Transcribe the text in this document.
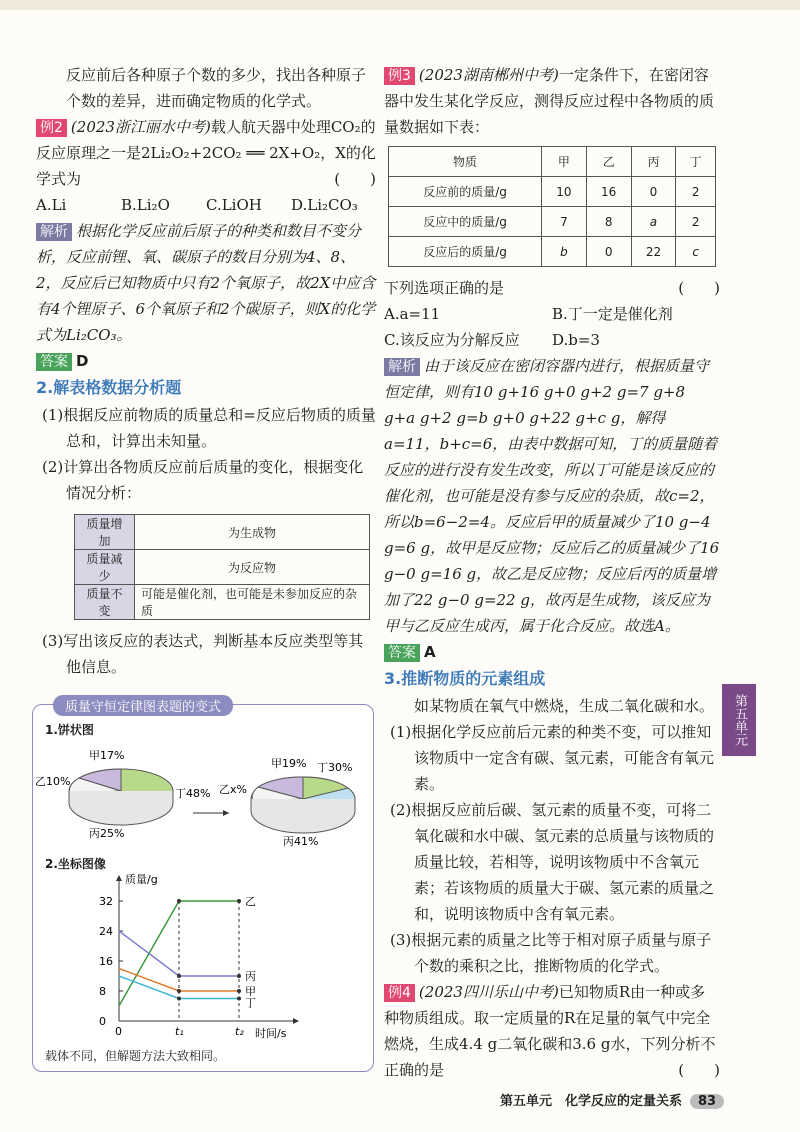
反应前后各种原子个数的多少，找出各种原子

个数的差异，进而确定物质的化学式。

例2 (2023浙江丽水中考)载人航天器中处理CO₂的反应原理之一是2Li₂O₂+2CO₂ ══ 2X+O₂，X的化学式为	(　　)

A.Li	B.Li₂O	C.LiOH	D.Li₂CO₃

解析 根据化学反应前后原子的种类和数目不变分析，反应前锂、氧、碳原子的数目分别为4、8、2，反应后已知物质中只有2个氧原子，故2X中应含有4个锂原子、6个氧原子和2个碳原子，则X的化学式为Li₂CO₃。

答案 D

2.解表格数据分析题

(1)根据反应前物质的质量总和=反应后物质的质量总和，计算出未知量。

(2)计算出各物质反应前后质量的变化，根据变化情况分析：

质量增加	为生成物
质量减少	为反应物
质量不变	可能是催化剂，也可能是未参加反应的杂质

(3)写出该反应的表达式，判断基本反应类型等其他信息。

质量守恒定律图表题的变式
1.饼状图
甲17%
乙10%
丁48%
丙25%
甲19%
乙x%
丁30%
丙41%
2.坐标图像
质量/g
时间/s
32
24
16
8
0
t₁	t₂
0
乙
丙
甲
丁
载体不同，但解题方法大致相同。

例3 (2023湖南郴州中考)一定条件下，在密闭容器中发生某化学反应，测得反应过程中各物质的质量数据如下表：

物质	甲	乙	丙	丁
反应前的质量/g	10	16	0	2
反应中的质量/g	7	8	a	2
反应后的质量/g	b	0	22	c

下列选项正确的是	(　　)

A.a=11	B.丁一定是催化剂
C.该反应为分解反应	D.b=3

解析 由于该反应在密闭容器内进行，根据质量守恒定律，则有10 g+16 g+0 g+2 g=7 g+8 g+a g+2 g=b g+0 g+22 g+c g，解得a=11，b+c=6，由表中数据可知，丁的质量随着反应的进行没有发生改变，所以丁可能是该反应的催化剂，也可能是没有参与反应的杂质，故c=2，所以b=6−2=4。反应后甲的质量减少了10 g−4 g=6 g，故甲是反应物；反应后乙的质量减少了16 g−0 g=16 g，故乙是反应物；反应后丙的质量增加了22 g−0 g=22 g，故丙是生成物，该反应为甲与乙反应生成丙，属于化合反应。故选A。

答案 A

3.推断物质的元素组成

如某物质在氧气中燃烧，生成二氧化碳和水。

(1)根据化学反应前后元素的种类不变，可以推知该物质中一定含有碳、氢元素，可能含有氧元素。

(2)根据反应前后碳、氢元素的质量不变，可将二氧化碳和水中碳、氢元素的总质量与该物质的质量比较，若相等，说明该物质中不含氧元素；若该物质的质量大于碳、氢元素的质量之和，说明该物质中含有氧元素。

(3)根据元素的质量之比等于相对原子质量与原子个数的乘积之比，推断物质的化学式。

例4 (2023四川乐山中考)已知物质R由一种或多种物质组成。取一定质量的R在足量的氧气中完全燃烧，生成4.4 g二氧化碳和3.6 g水，下列分析不正确的是	(　　)

第五单元
第五单元　化学反应的定量关系 83
